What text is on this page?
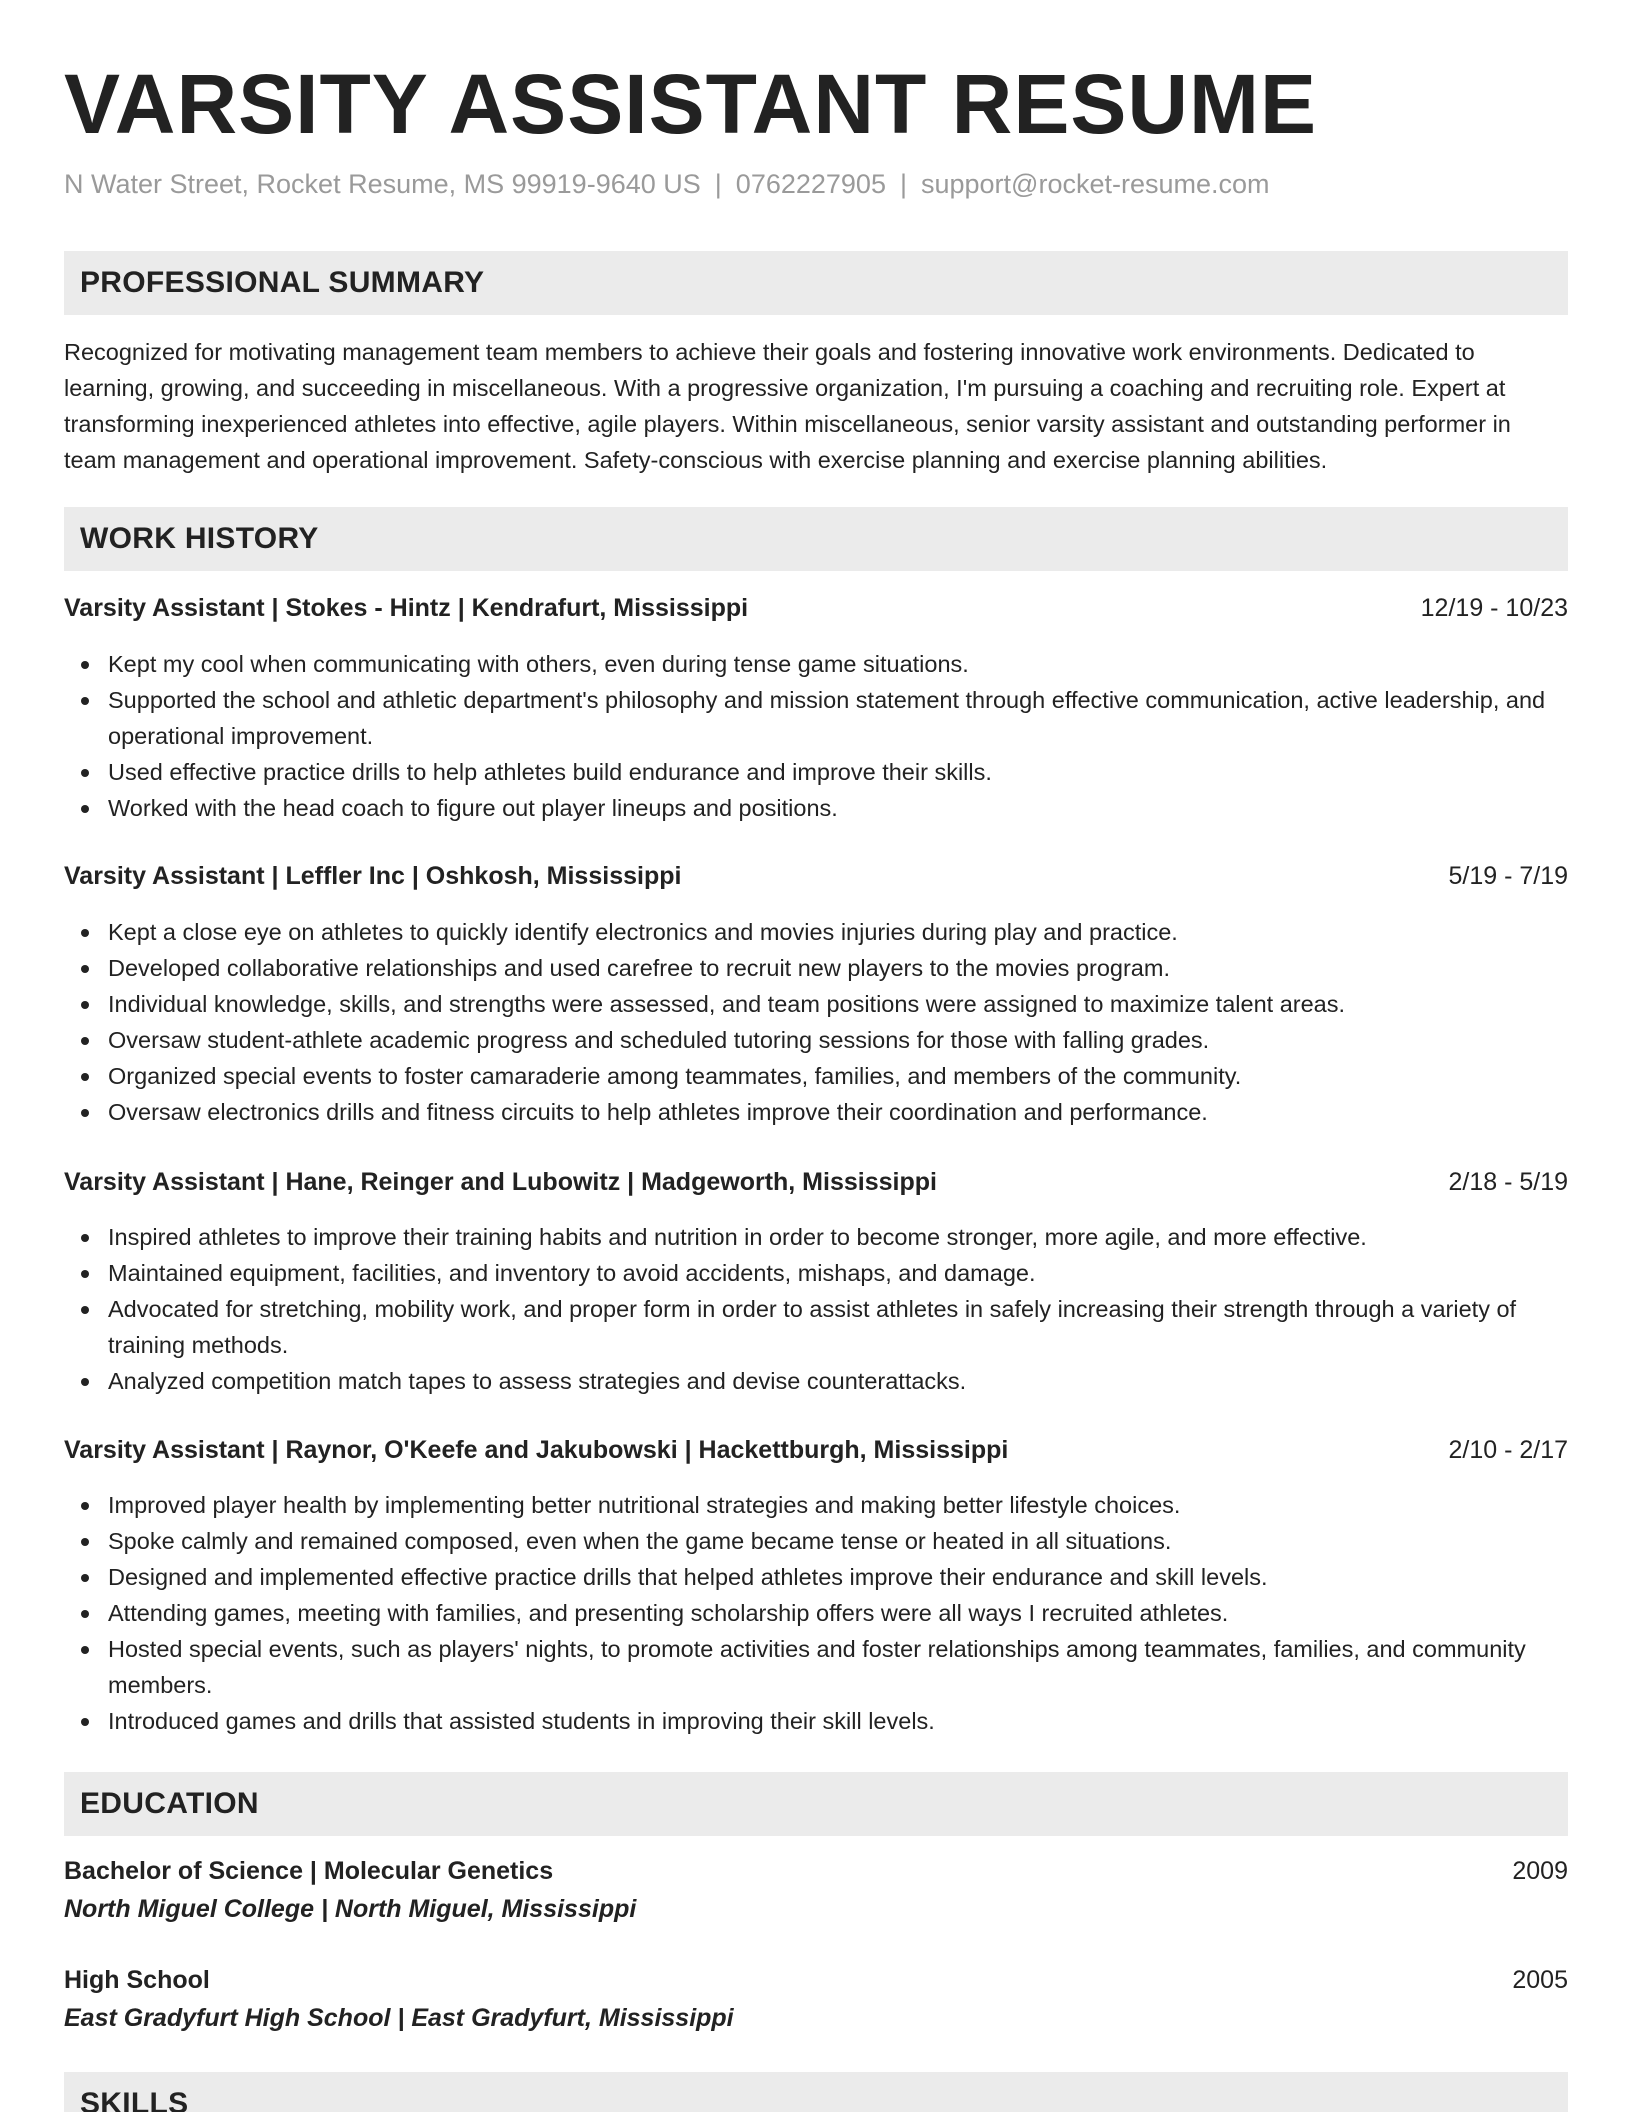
VARSITY ASSISTANT RESUME
N Water Street, Rocket Resume, MS 99919-9640 US | 0762227905 | support@rocket-resume.com
PROFESSIONAL SUMMARY
Recognized for motivating management team members to achieve their goals and fostering innovative work environments. Dedicated to learning, growing, and succeeding in miscellaneous. With a progressive organization, I'm pursuing a coaching and recruiting role. Expert at transforming inexperienced athletes into effective, agile players. Within miscellaneous, senior varsity assistant and outstanding performer in team management and operational improvement. Safety-conscious with exercise planning and exercise planning abilities.
WORK HISTORY
Varsity Assistant | Stokes - Hintz | Kendrafurt, Mississippi	12/19 - 10/23
Kept my cool when communicating with others, even during tense game situations.
Supported the school and athletic department's philosophy and mission statement through effective communication, active leadership, and operational improvement.
Used effective practice drills to help athletes build endurance and improve their skills.
Worked with the head coach to figure out player lineups and positions.
Varsity Assistant | Leffler Inc | Oshkosh, Mississippi	5/19 - 7/19
Kept a close eye on athletes to quickly identify electronics and movies injuries during play and practice.
Developed collaborative relationships and used carefree to recruit new players to the movies program.
Individual knowledge, skills, and strengths were assessed, and team positions were assigned to maximize talent areas.
Oversaw student-athlete academic progress and scheduled tutoring sessions for those with falling grades.
Organized special events to foster camaraderie among teammates, families, and members of the community.
Oversaw electronics drills and fitness circuits to help athletes improve their coordination and performance.
Varsity Assistant | Hane, Reinger and Lubowitz | Madgeworth, Mississippi	2/18 - 5/19
Inspired athletes to improve their training habits and nutrition in order to become stronger, more agile, and more effective.
Maintained equipment, facilities, and inventory to avoid accidents, mishaps, and damage.
Advocated for stretching, mobility work, and proper form in order to assist athletes in safely increasing their strength through a variety of training methods.
Analyzed competition match tapes to assess strategies and devise counterattacks.
Varsity Assistant | Raynor, O'Keefe and Jakubowski | Hackettburgh, Mississippi	2/10 - 2/17
Improved player health by implementing better nutritional strategies and making better lifestyle choices.
Spoke calmly and remained composed, even when the game became tense or heated in all situations.
Designed and implemented effective practice drills that helped athletes improve their endurance and skill levels.
Attending games, meeting with families, and presenting scholarship offers were all ways I recruited athletes.
Hosted special events, such as players' nights, to promote activities and foster relationships among teammates, families, and community members.
Introduced games and drills that assisted students in improving their skill levels.
EDUCATION
Bachelor of Science | Molecular Genetics	2009
North Miguel College | North Miguel, Mississippi
High School	2005
East Gradyfurt High School | East Gradyfurt, Mississippi
SKILLS
